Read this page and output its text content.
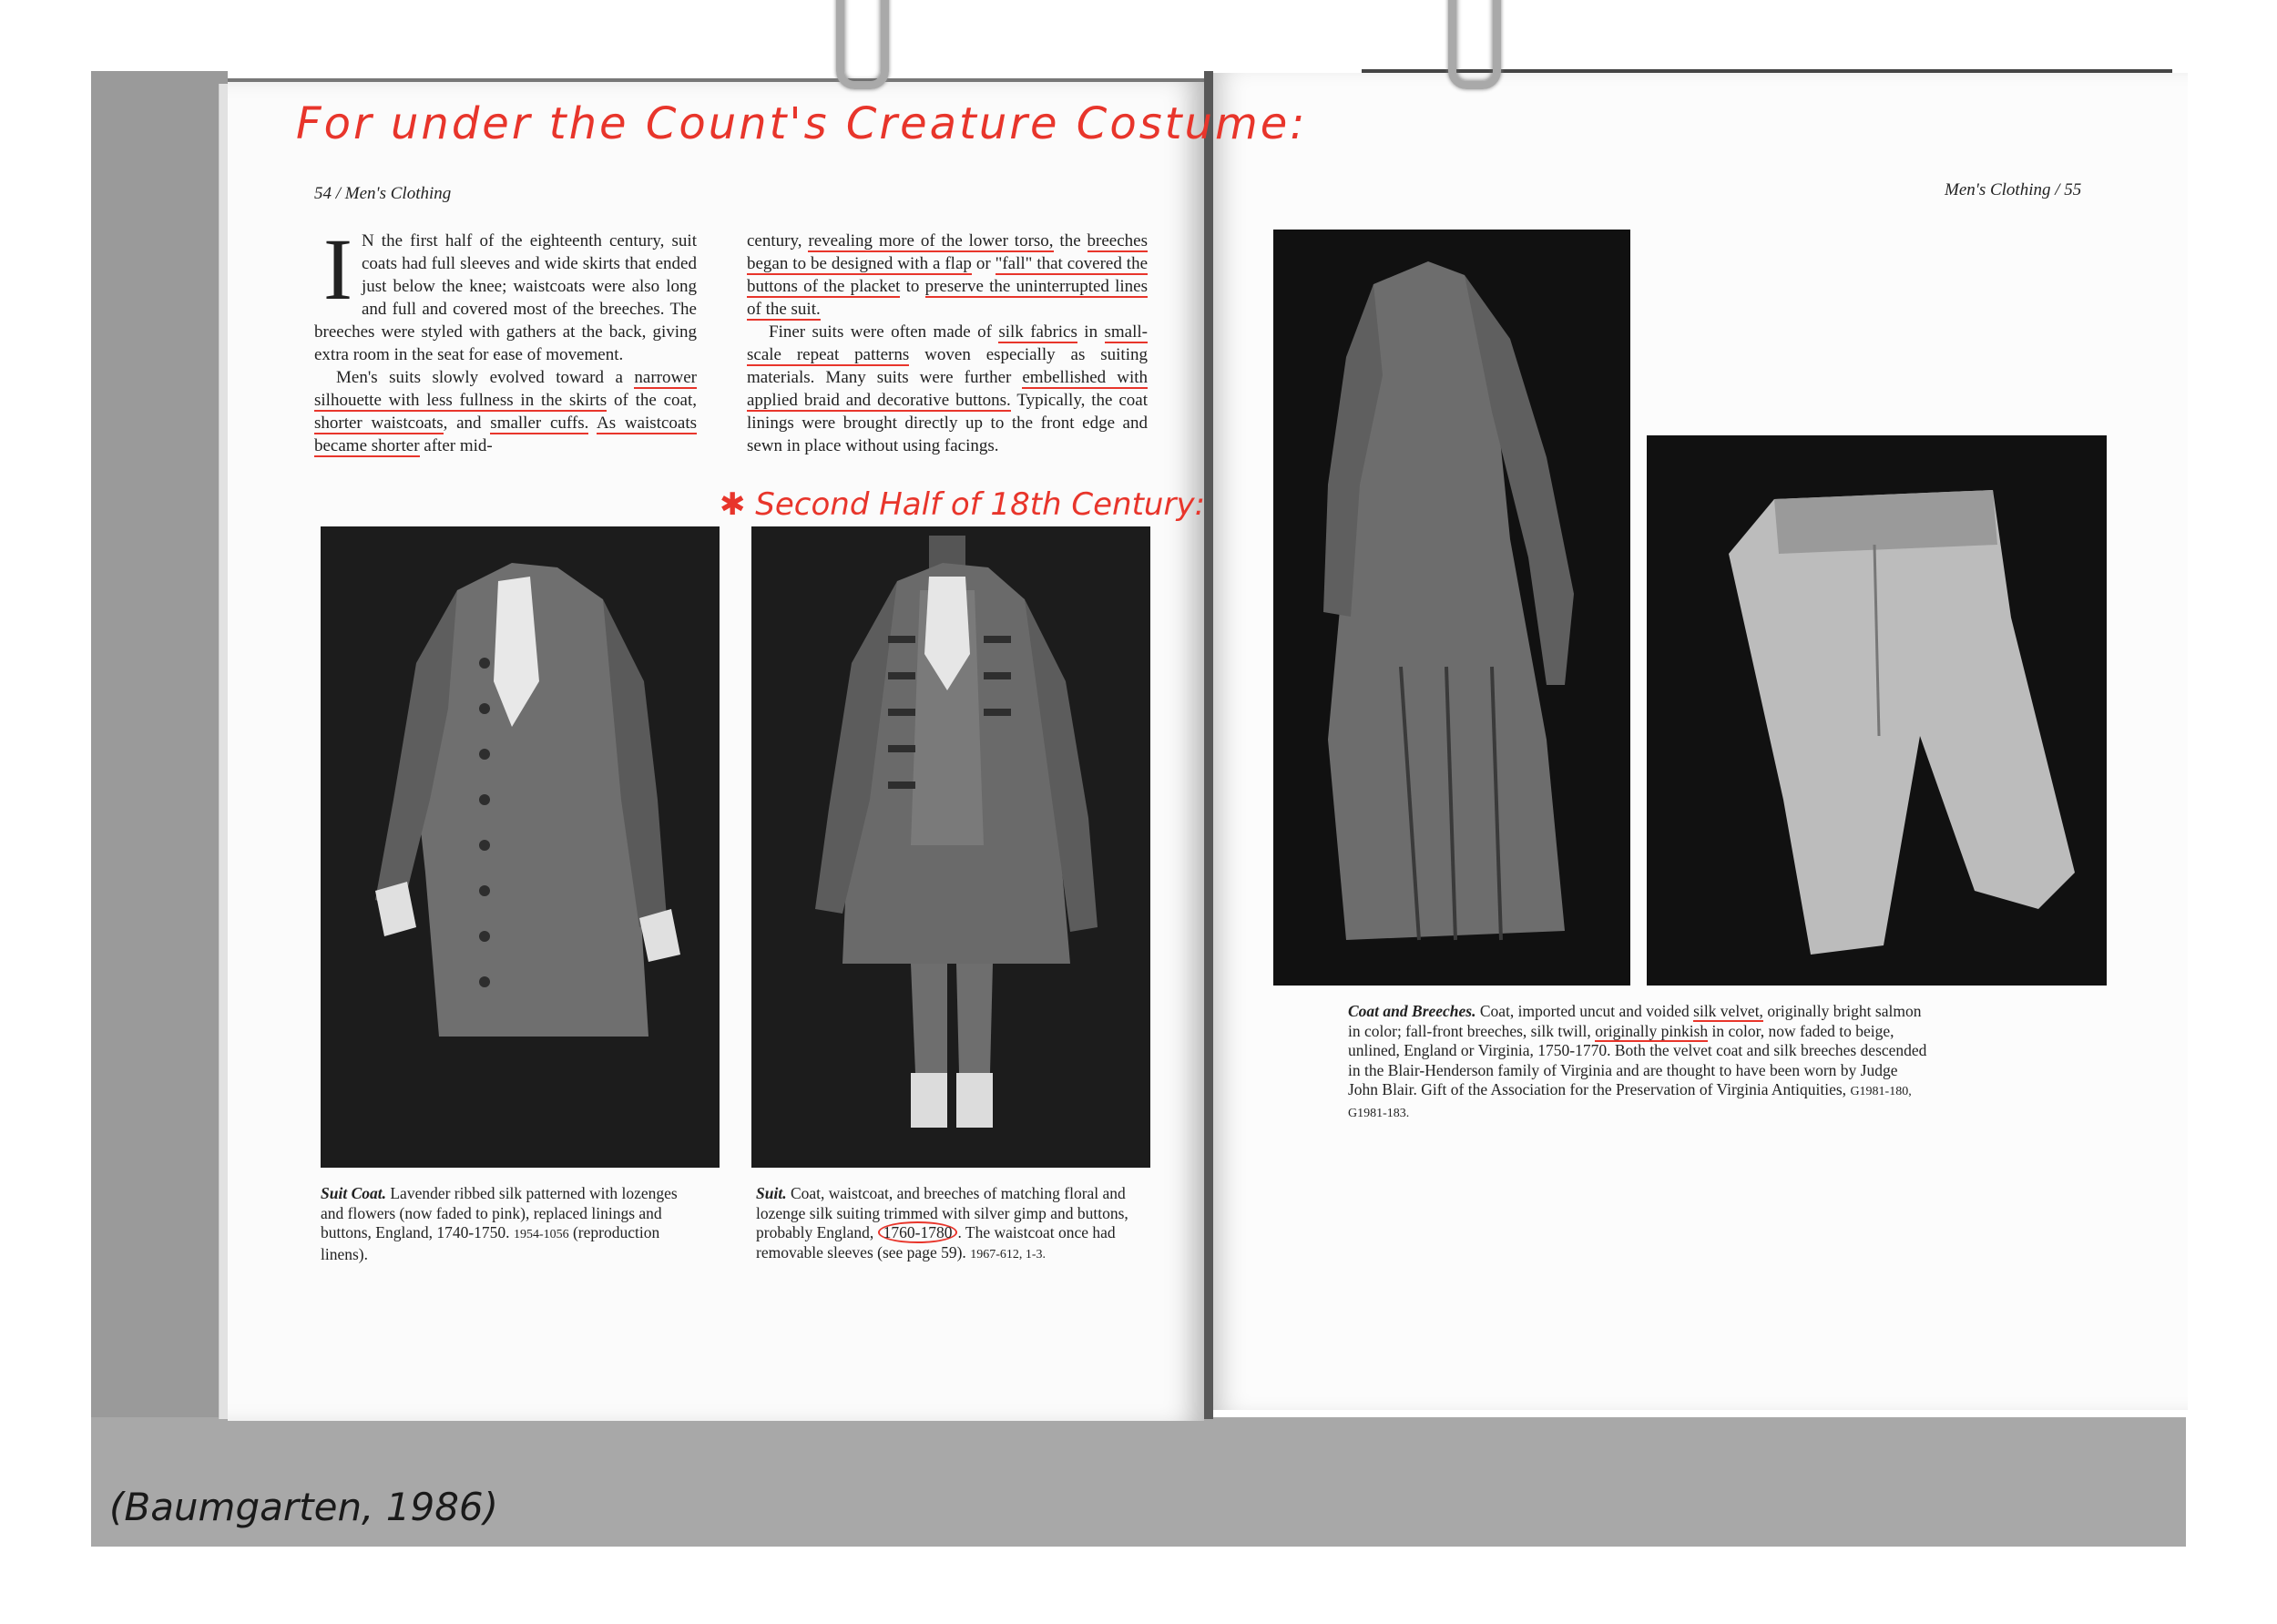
For under the Count's Creature Costume:
54 / Men's Clothing
I N the first half of the eighteenth century, suit coats had full sleeves and wide skirts that ended just below the knee; waistcoats were also long and full and covered most of the breeches. The breeches were styled with gathers at the back, giving extra room in the seat for ease of movement.

Men's suits slowly evolved toward a narrower silhouette with less fullness in the skirts of the coat, shorter waistcoats, and smaller cuffs. As waistcoats became shorter after mid-

century, revealing more of the lower torso, the breeches began to be designed with a flap or "fall" that covered the buttons of the placket to preserve the uninterrupted lines of the suit.

Finer suits were often made of silk fabrics in small-scale repeat patterns woven especially as suiting materials. Many suits were further embellished with applied braid and decorative buttons. Typically, the coat linings were brought directly up to the front edge and sewn in place without using facings.

✱ Second Half of 18th Century:
Suit Coat. Lavender ribbed silk patterned with lozenges and flowers (now faded to pink), replaced linings and buttons, England, 1740-1750. 1954-1056 (reproduction linens).
Suit. Coat, waistcoat, and breeches of matching floral and lozenge silk suiting trimmed with silver gimp and buttons, probably England, 1760-1780 . The waistcoat once had removable sleeves (see page 59). 1967-612, 1-3.
Men's Clothing / 55
Coat and Breeches. Coat, imported uncut and voided silk velvet, originally bright salmon in color; fall-front breeches, silk twill, originally pinkish in color, now faded to beige, unlined, England or Virginia, 1750-1770. Both the velvet coat and silk breeches descended in the Blair-Henderson family of Virginia and are thought to have been worn by Judge John Blair. Gift of the Association for the Preservation of Virginia Antiquities, G1981-180, G1981-183.
(Baumgarten, 1986)
